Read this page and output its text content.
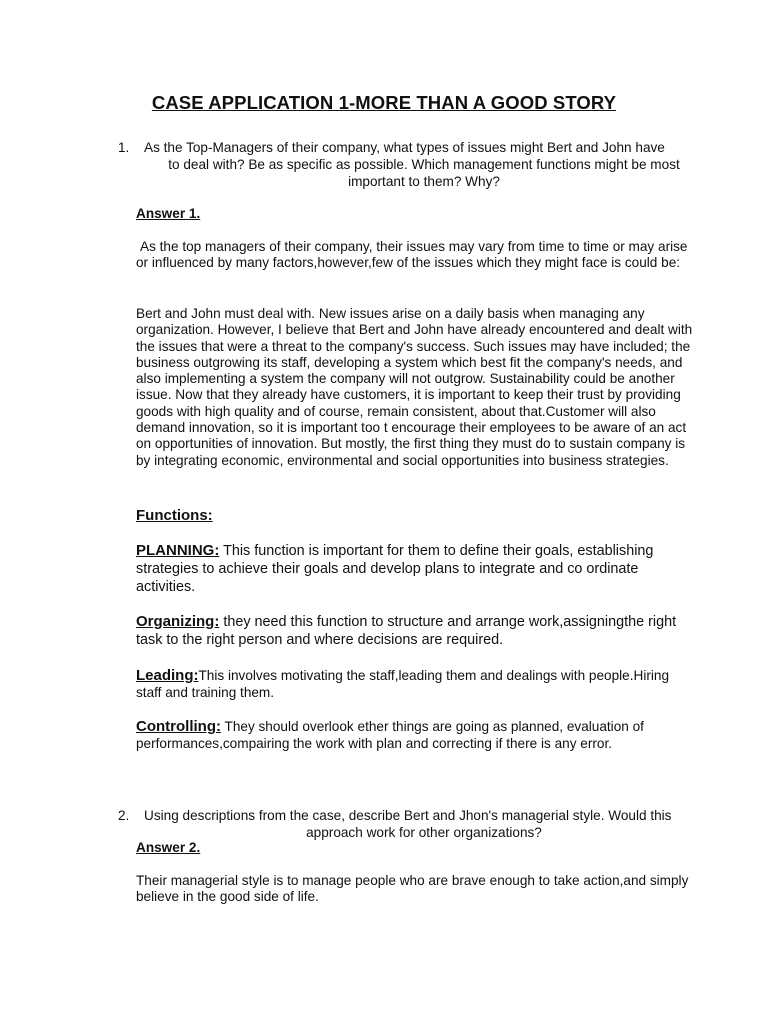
CASE APPLICATION 1-MORE THAN A GOOD STORY
1. As the Top-Managers of their company, what types of issues might Bert and John have
to deal with? Be as specific as possible. Which management functions might be most important to them? Why?
Answer 1.
As the top managers of their company, their issues may vary from time to time or may arise or influenced by many factors,however,few of the issues which they might face is could be:
Bert and John must deal with. New issues arise on a daily basis when managing any organization. However, I believe that Bert and John have already encountered and dealt with the issues that were a threat to the company's success. Such issues may have included; the business outgrowing its staff, developing a system which best fit the company's needs, and also implementing a system the company will not outgrow. Sustainability could be another issue. Now that they already have customers, it is important to keep their trust by providing goods with high quality and of course, remain consistent, about that.Customer will also demand innovation, so it is important too t encourage their employees to be aware of an act on opportunities of innovation. But mostly, the first thing they must do to sustain company is by integrating economic, environmental and social opportunities into business strategies.
Functions:
PLANNING: This function is important for them to define their goals, establishing strategies to achieve their goals and develop plans to integrate and co ordinate activities.
Organizing: they need this function to structure and arrange work,assigningthe right task to the right person and where decisions are required.
Leading:This involves motivating the staff,leading them and dealings with people.Hiring staff and training them.
Controlling: They should overlook ether things are going as planned, evaluation of performances,compairing the work with plan and correcting if there is any error.
2. Using descriptions from the case, describe Bert and Jhon's managerial style. Would this
approach work for other organizations?
Answer 2.
Their managerial style is to manage people who are brave enough to take action,and simply believe in the good side of life.
